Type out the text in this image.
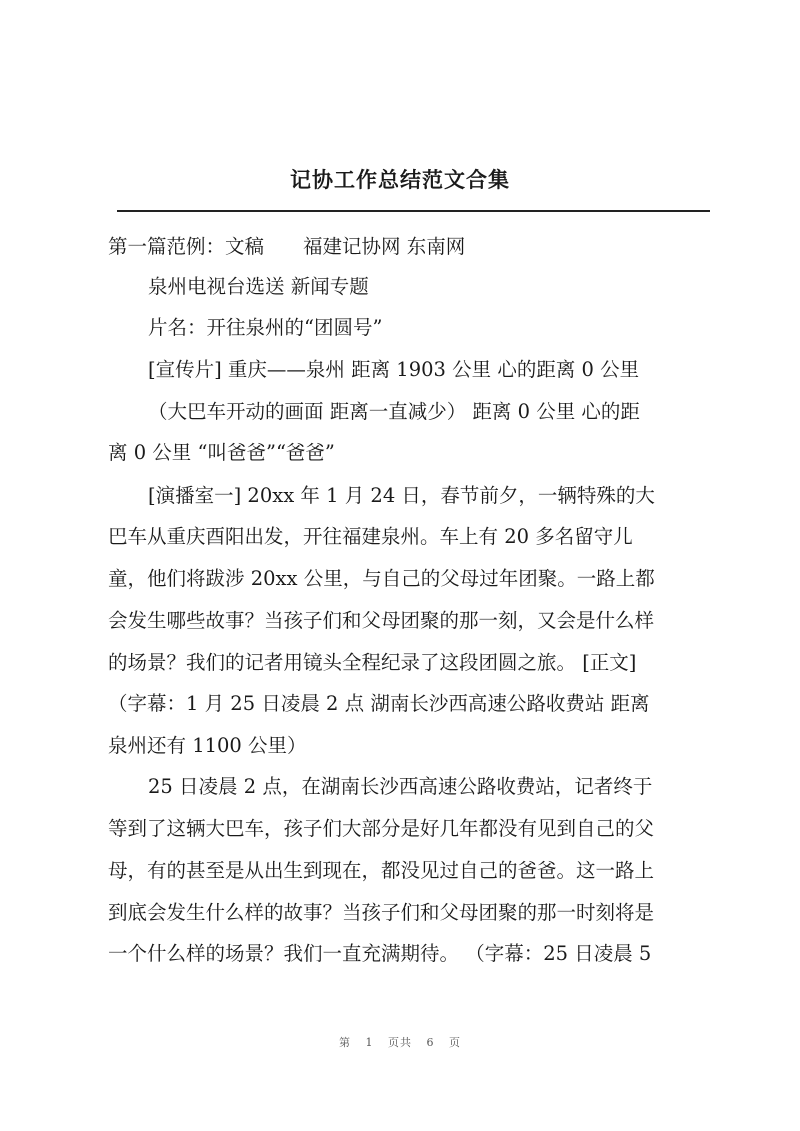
记协工作总结范文合集

第一篇范例：文稿　　福建记协网 东南网

泉州电视台选送 新闻专题

片名：开往泉州的“团圆号”

[宣传片] 重庆——泉州 距离 1903 公里 心的距离 0 公里

（大巴车开动的画面 距离一直减少） 距离 0 公里 心的距

离 0 公里 “叫爸爸”“爸爸”

[演播室一] 20xx 年 1 月 24 日，春节前夕，一辆特殊的大

巴车从重庆酉阳出发，开往福建泉州。车上有 20 多名留守儿

童，他们将跋涉 20xx 公里，与自己的父母过年团聚。一路上都

会发生哪些故事？当孩子们和父母团聚的那一刻，又会是什么样

的场景？我们的记者用镜头全程纪录了这段团圆之旅。 [正文]

（字幕：1 月 25 日凌晨 2 点 湖南长沙西高速公路收费站 距离

泉州还有 1100 公里）

25 日凌晨 2 点，在湖南长沙西高速公路收费站，记者终于

等到了这辆大巴车，孩子们大部分是好几年都没有见到自己的父

母，有的甚至是从出生到现在，都没见过自己的爸爸。这一路上

到底会发生什么样的故事？当孩子们和父母团聚的那一时刻将是

一个什么样的场景？我们一直充满期待。 （字幕：25 日凌晨 5

第 1 页共 6 页
